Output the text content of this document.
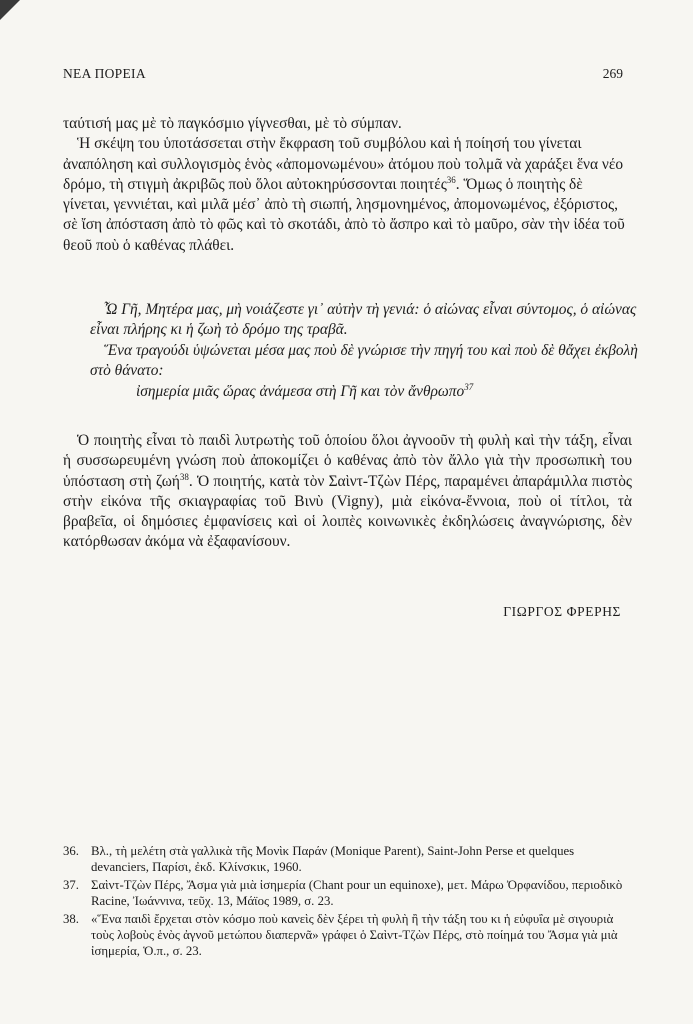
ΝΕΑ ΠΟΡΕΙΑ	269

ταύτισή μας μὲ τὸ παγκόσμιο γίγνεσθαι, μὲ τὸ σύμπαν.

Ἡ σκέψη του ὑποτάσσεται στὴν ἔκφραση τοῦ συμβόλου καὶ ἡ ποίησή του γίνεται ἀναπόληση καὶ συλλογισμὸς ἑνὸς «ἀπομονωμένου» ἀτόμου ποὺ τολμᾶ νὰ χαράξει ἕνα νέο δρόμο, τὴ στιγμὴ ἀκριβῶς ποὺ ὅλοι αὐτοκηρύσσονται ποιητές$^{36}$. Ὅμως ὁ ποιητὴς δὲ γίνεται, γεννιέται, καὶ μιλᾶ μέσ᾽ ἀπὸ τὴ σιωπή, λησμονημένος, ἀπομονωμένος, ἐξόριστος, σὲ ἴση ἀπόσταση ἀπὸ τὸ φῶς καὶ τὸ σκοτάδι, ἀπὸ τὸ ἄσπρο καὶ τὸ μαῦρο, σὰν τὴν ἰδέα τοῦ θεοῦ ποὺ ὁ καθένας πλάθει.

Ὦ Γῆ, Μητέρα μας, μὴ νοιάζεστε γι᾽ αὐτὴν τὴ γενιά: ὁ αἰώνας εἶναι σύντομος, ὁ αἰώνας εἶναι πλήρης κι ἡ ζωὴ τὸ δρόμο της τραβᾶ.

Ἕνα τραγούδι ὑψώνεται μέσα μας ποὺ δὲ γνώρισε τὴν πηγή του καὶ ποὺ δὲ θἄχει ἐκβολὴ στὸ θάνατο:

ἰσημερία μιᾶς ὥρας ἀνάμεσα στὴ Γῆ και τὸν ἄνθρωπο$^{37}$

Ὁ ποιητὴς εἶναι τὸ παιδὶ λυτρωτὴς τοῦ ὁποίου ὅλοι ἀγνοοῦν τὴ φυλὴ καὶ τὴν τάξη, εἶναι ἡ συσσωρευμένη γνώση ποὺ ἀποκομίζει ὁ καθένας ἀπὸ τὸν ἄλλο γιὰ τὴν προσωπικὴ του ὑπόσταση στὴ ζωή$^{38}$. Ὁ ποιητής, κατὰ τὸν Σαὶντ-Τζὼν Πέρς, παραμένει ἀπαράμιλλα πιστὸς στὴν εἰκόνα τῆς σκιαγραφίας τοῦ Βινὺ (Vigny), μιὰ εἰκόνα-ἔννοια, ποὺ οἱ τίτλοι, τὰ βραβεῖα, οἱ δημόσιες ἐμφανίσεις καὶ οἱ λοιπὲς κοινωνικὲς ἐκδηλώσεις ἀναγνώρισης, δὲν κατόρθωσαν ἀκόμα νὰ ἐξαφανίσουν.
ΓΙΩΡΓΟΣ ΦΡΕΡΗΣ
36. Βλ., τὴ μελέτη στὰ γαλλικὰ τῆς Μονὶκ Παράν (Monique Parent), Saint-John Perse et quelques devanciers, Παρίσι, ἐκδ. Κλίνσκικ, 1960.
37. Σαὶντ-Τζὼν Πέρς, Ἄσμα γιὰ μιὰ ἰσημερία (Chant pour un equinoxe), μετ. Μάρω Ὀρφανίδου, περιοδικὸ Racine, Ἰωάννινα, τεῦχ. 13, Μάϊος 1989, σ. 23.
38. «Ἕνα παιδὶ ἔρχεται στὸν κόσμο ποὺ κανεὶς δὲν ξέρει τὴ φυλὴ ἢ τὴν τάξη του κι ἡ εὐφυΐα μὲ σιγουριὰ τοὺς λοβοὺς ἑνὸς ἀγνοῦ μετώπου διαπερνᾶ» γράφει ὁ Σαὶντ-Τζὼν Πέρς, στὸ ποίημά του Ἄσμα γιὰ μιὰ ἰσημερία, Ὁ.π., σ. 23.
